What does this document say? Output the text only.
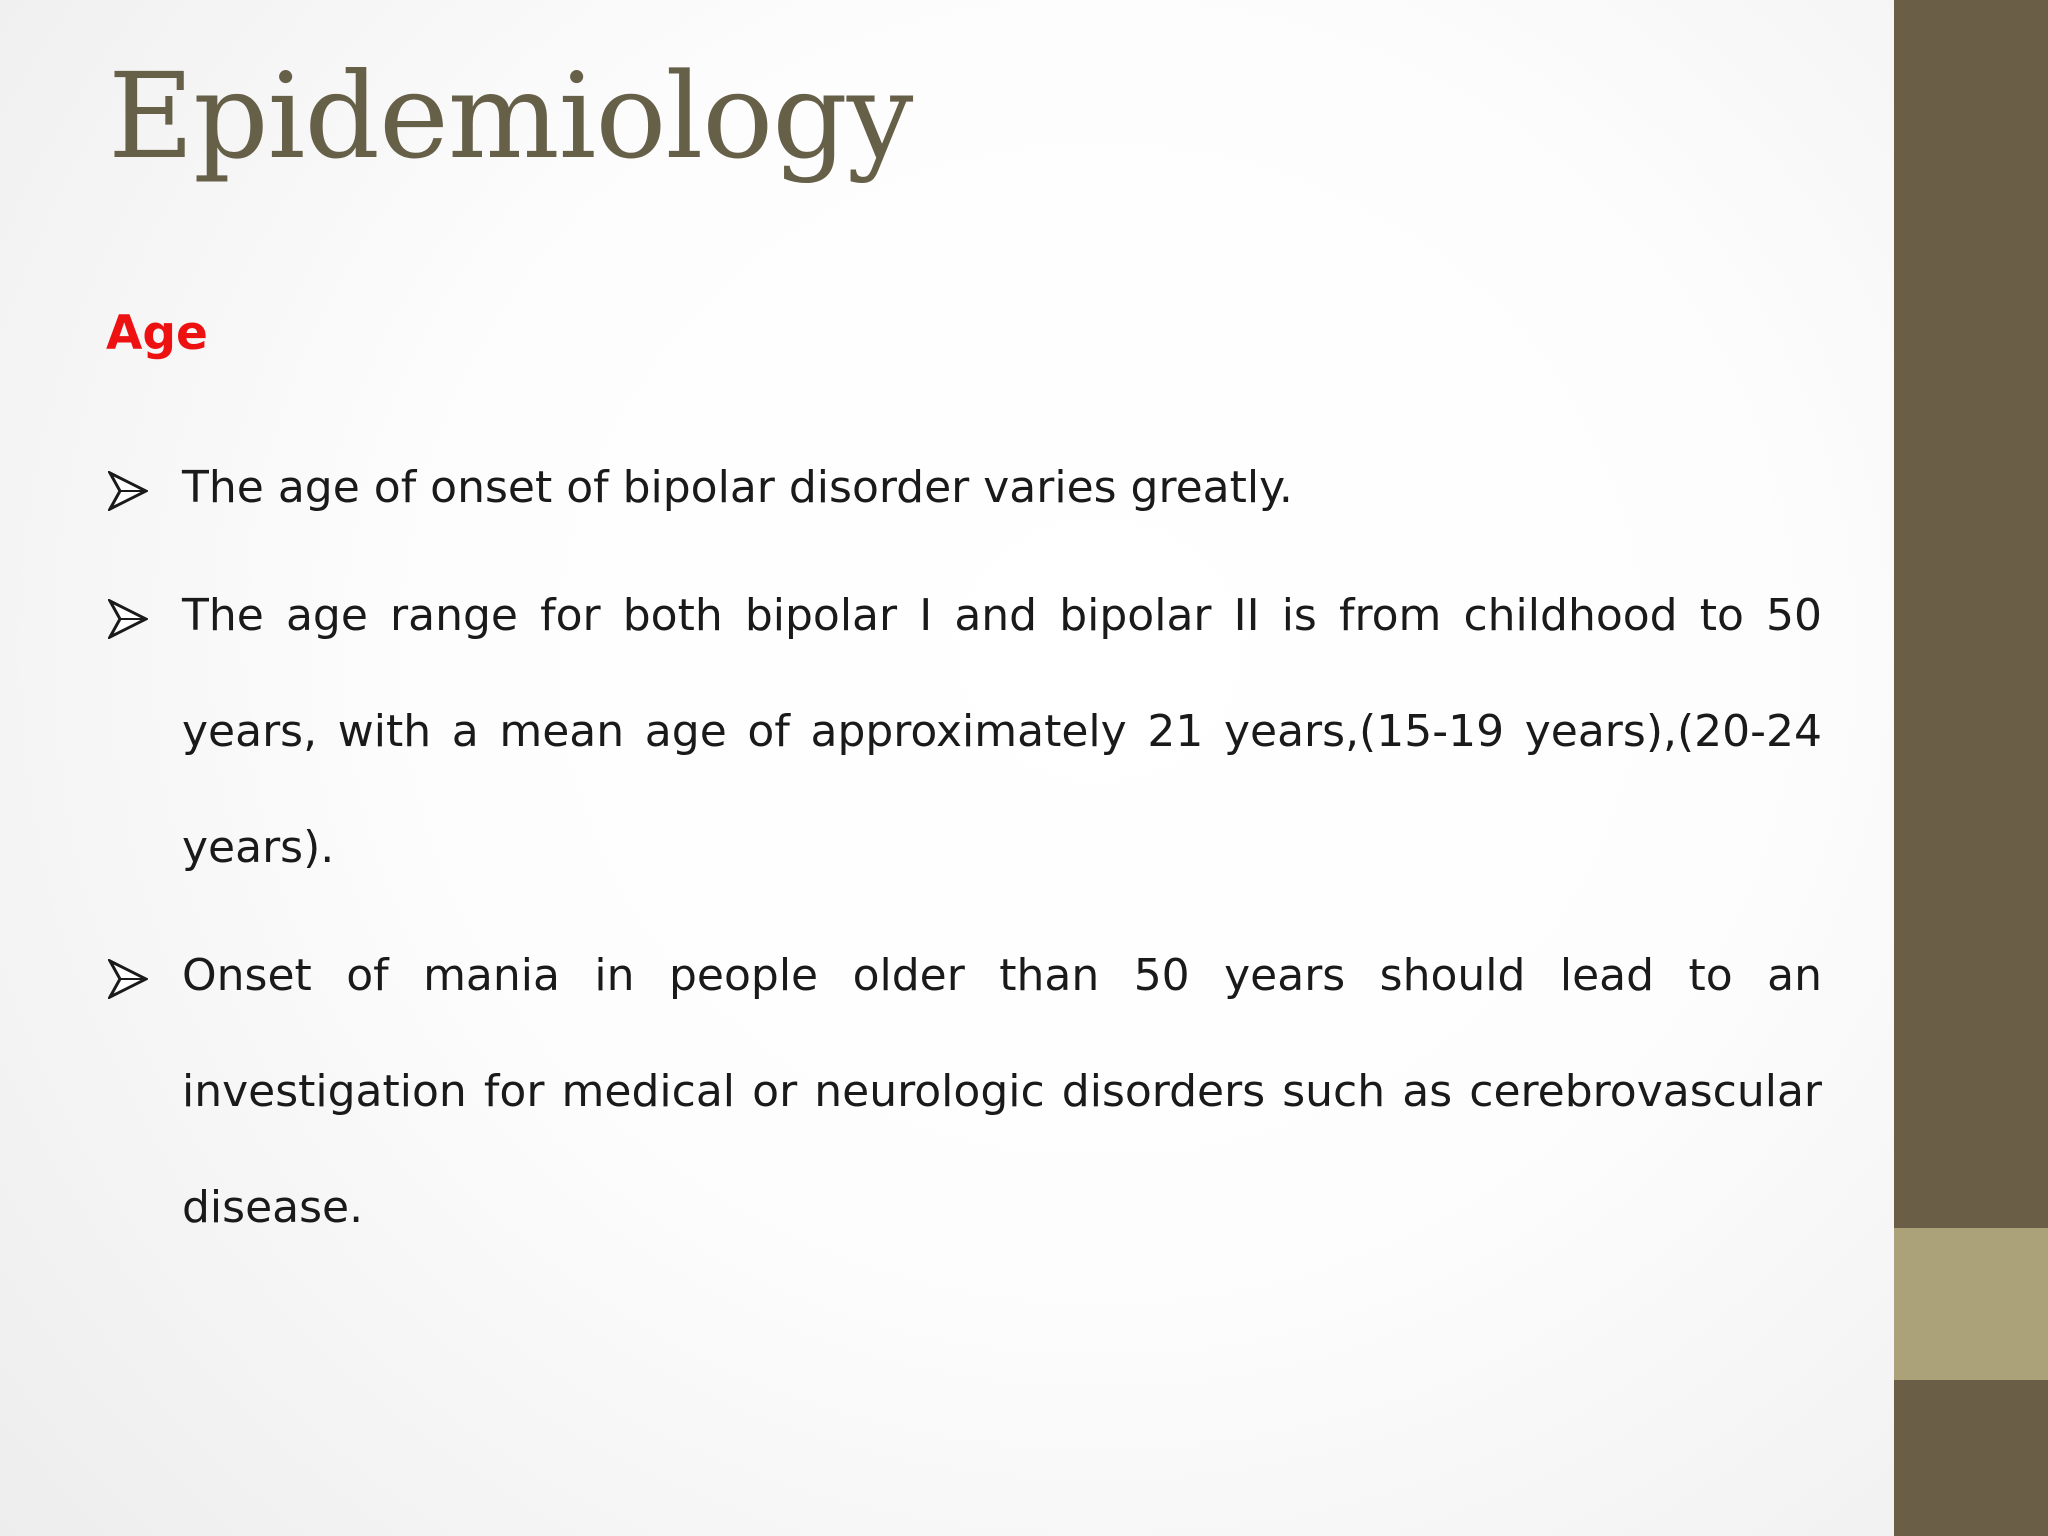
Epidemiology
Age
The age of onset of bipolar disorder varies greatly.
The age range for both bipolar I and bipolar II is from childhood to 50 years, with a mean age of approximately 21 years,(15-19 years),(20-24 years).
Onset of mania in people older than 50 years should lead to an investigation for medical or neurologic disorders such as cerebrovascular disease.
